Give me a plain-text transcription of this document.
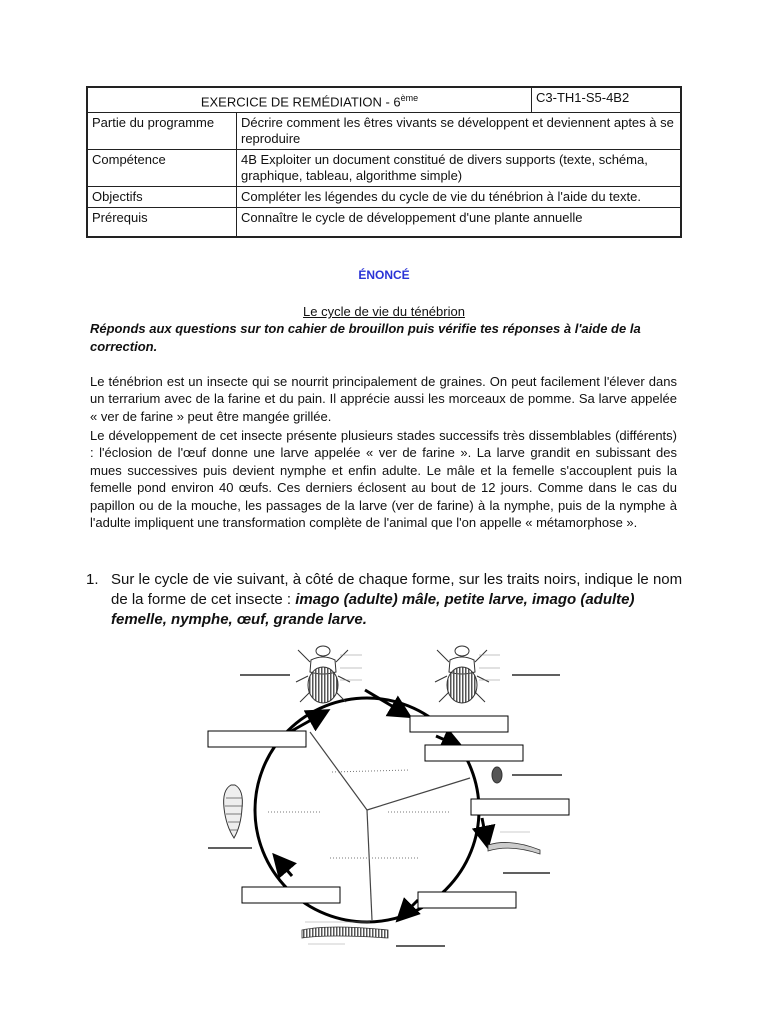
EXERCICE DE REMÉDIATION - 6ème		C3-TH1-S5-4B2
Partie du programme	Décrire comment les êtres vivants se développent et deviennent aptes à se reproduire	
Compétence	4B Exploiter un document constitué de divers supports (texte, schéma, graphique, tableau, algorithme simple)	
Objectifs	Compléter les légendes du cycle de vie du ténébrion à l'aide du texte.	
Prérequis	Connaître le cycle de développement d'une plante annuelle	
ÉNONCÉ
Le cycle de vie du ténébrion
Réponds aux questions sur ton cahier de brouillon puis vérifie tes réponses à l'aide de la correction.
Le ténébrion est un insecte qui se nourrit principalement de graines. On peut facilement l'élever dans un terrarium avec de la farine et du pain. Il apprécie aussi les morceaux de pomme. Sa larve appelée « ver de farine » peut être mangée grillée.
Le développement de cet insecte présente plusieurs stades successifs très dissemblables (différents) : l'éclosion de l'œuf donne une larve appelée « ver de farine ». La larve grandit en subissant des mues successives puis devient nymphe et enfin adulte. Le mâle et la femelle s'accouplent puis la femelle pond environ 40 œufs. Ces derniers éclosent au bout de 12 jours. Comme dans le cas du papillon ou de la mouche, les passages de la larve (ver de farine) à la nymphe, puis de la nymphe à l'adulte impliquent une transformation complète de l'animal que l'on appelle « métamorphose ».
1. Sur le cycle de vie suivant, à côté de chaque forme, sur les traits noirs, indique le nom de la forme de cet insecte : imago (adulte) mâle, petite larve, imago (adulte) femelle, nymphe, œuf, grande larve.
